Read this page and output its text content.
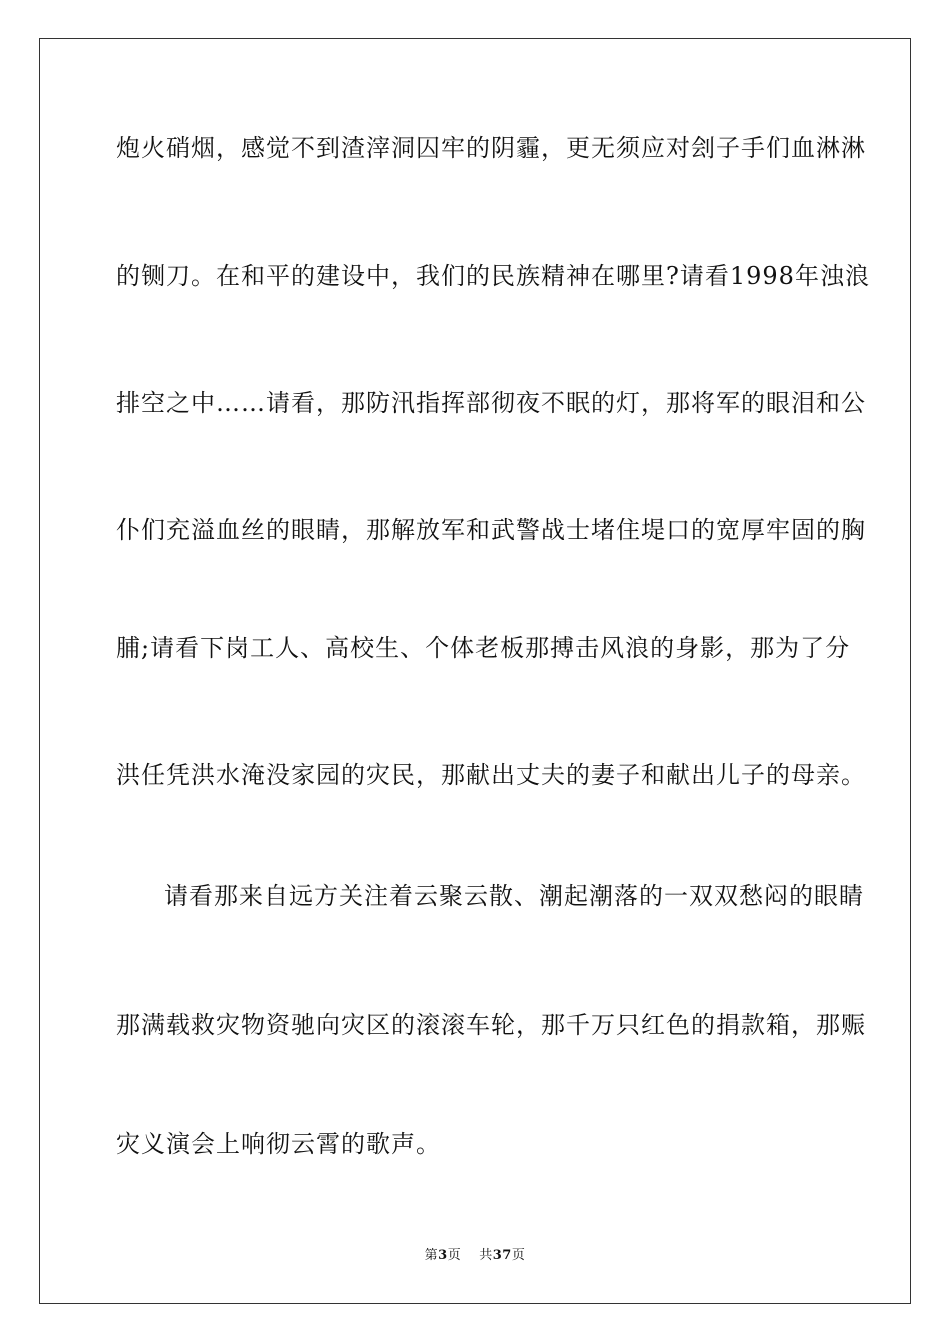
炮火硝烟，感觉不到渣滓洞囚牢的阴霾，更无须应对刽子手们血淋淋
的铡刀。在和平的建设中，我们的民族精神在哪里?请看1998年浊浪
排空之中……请看，那防汛指挥部彻夜不眠的灯，那将军的眼泪和公
仆们充溢血丝的眼睛，那解放军和武警战士堵住堤口的宽厚牢固的胸
脯;请看下岗工人、高校生、个体老板那搏击风浪的身影，那为了分
洪任凭洪水淹没家园的灾民，那献出丈夫的妻子和献出儿子的母亲。
请看那来自远方关注着云聚云散、潮起潮落的一双双愁闷的眼睛
那满载救灾物资驰向灾区的滚滚车轮，那千万只红色的捐款箱，那赈
灾义演会上响彻云霄的歌声。
第3页 共37页
